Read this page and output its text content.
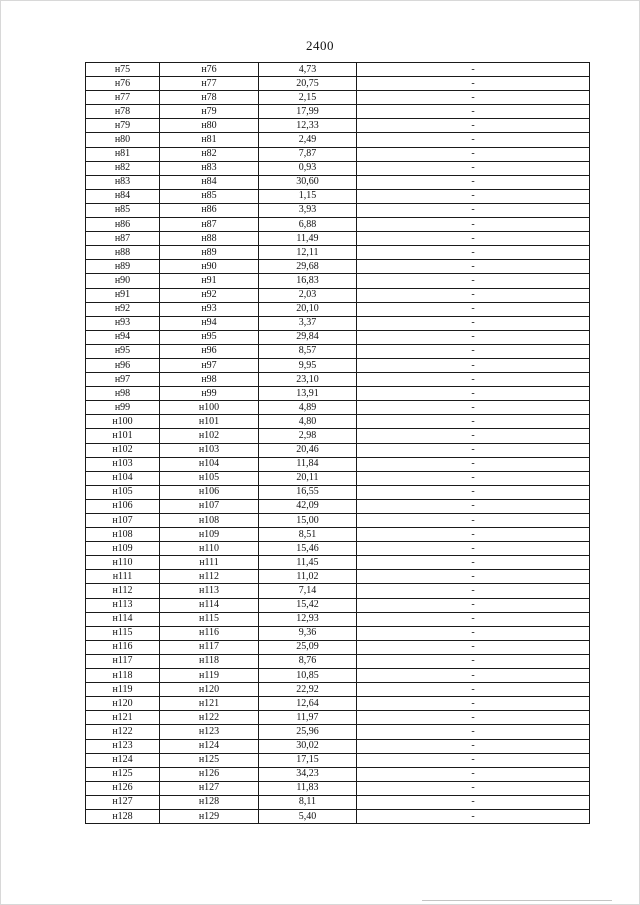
2400
н75	н76	4,73	-
н76	н77	20,75	-
н77	н78	2,15	-
н78	н79	17,99	-
н79	н80	12,33	-
н80	н81	2,49	-
н81	н82	7,87	-
н82	н83	0,93	-
н83	н84	30,60	-
н84	н85	1,15	-
н85	н86	3,93	-
н86	н87	6,88	-
н87	н88	11,49	-
н88	н89	12,11	-
н89	н90	29,68	-
н90	н91	16,83	-
н91	н92	2,03	-
н92	н93	20,10	-
н93	н94	3,37	-
н94	н95	29,84	-
н95	н96	8,57	-
н96	н97	9,95	-
н97	н98	23,10	-
н98	н99	13,91	-
н99	н100	4,89	-
н100	н101	4,80	-
н101	н102	2,98	-
н102	н103	20,46	-
н103	н104	11,84	-
н104	н105	20,11	-
н105	н106	16,55	-
н106	н107	42,09	-
н107	н108	15,00	-
н108	н109	8,51	-
н109	н110	15,46	-
н110	н111	11,45	-
н111	н112	11,02	-
н112	н113	7,14	-
н113	н114	15,42	-
н114	н115	12,93	-
н115	н116	9,36	-
н116	н117	25,09	-
н117	н118	8,76	-
н118	н119	10,85	-
н119	н120	22,92	-
н120	н121	12,64	-
н121	н122	11,97	-
н122	н123	25,96	-
н123	н124	30,02	-
н124	н125	17,15	-
н125	н126	34,23	-
н126	н127	11,83	-
н127	н128	8,11	-
н128	н129	5,40	-
